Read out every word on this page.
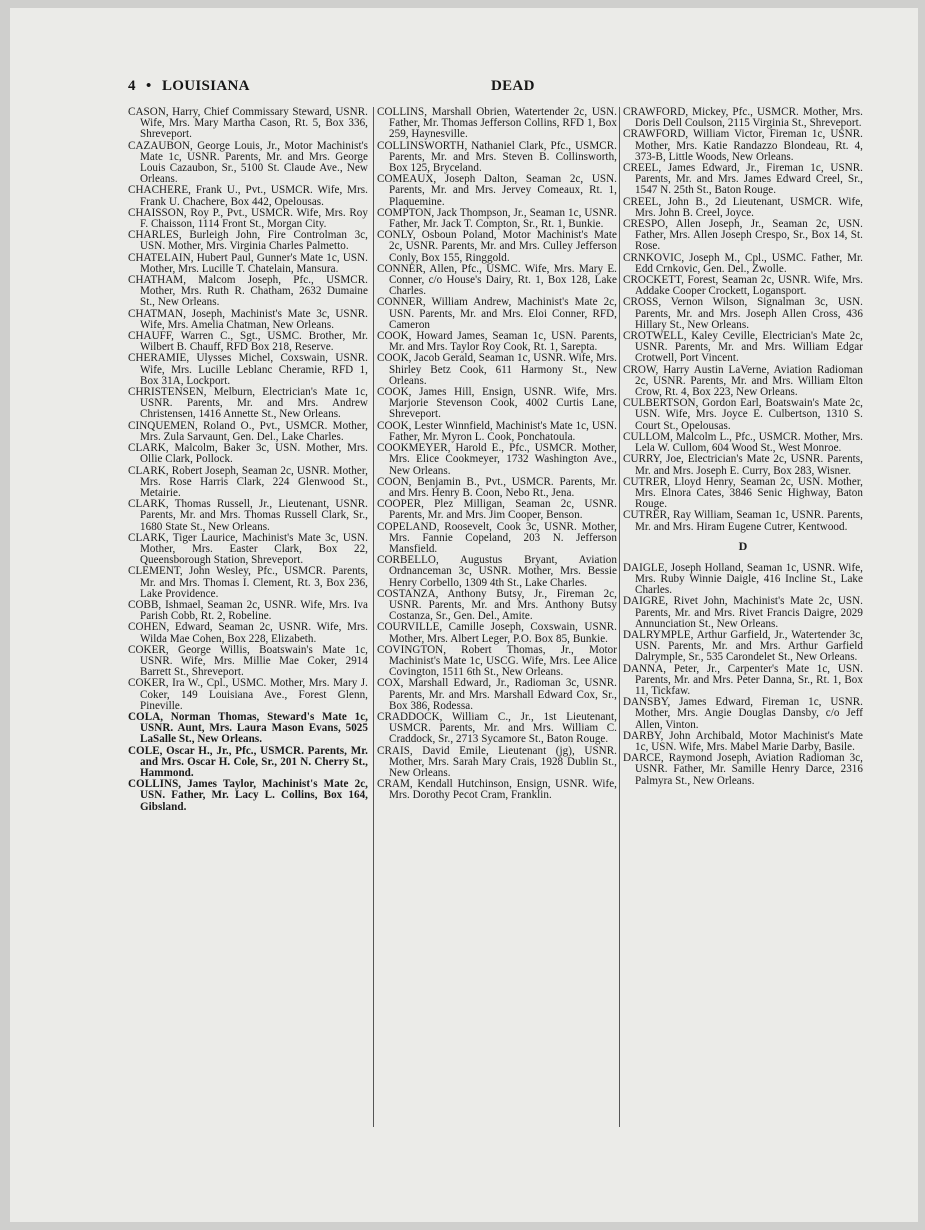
4 • LOUISIANA	DEAD

CASON, Harry, Chief Commissary Steward, USNR. Wife, Mrs. Mary Martha Cason, Rt. 5, Box 336, Shreveport.

CAZAUBON, George Louis, Jr., Motor Machinist's Mate 1c, USNR. Parents, Mr. and Mrs. George Louis Cazaubon, Sr., 5100 St. Claude Ave., New Orleans.

CHACHERE, Frank U., Pvt., USMCR. Wife, Mrs. Frank U. Chachere, Box 442, Opelousas.

CHAISSON, Roy P., Pvt., USMCR. Wife, Mrs. Roy F. Chaisson, 1114 Front St., Morgan City.

CHARLES, Burleigh John, Fire Controlman 3c, USN. Mother, Mrs. Virginia Charles Palmetto.

CHATELAIN, Hubert Paul, Gunner's Mate 1c, USN. Mother, Mrs. Lucille T. Chatelain, Mansura.

CHATHAM, Malcom Joseph, Pfc., USMCR. Mother, Mrs. Ruth R. Chatham, 2632 Dumaine St., New Orleans.

CHATMAN, Joseph, Machinist's Mate 3c, USNR. Wife, Mrs. Amelia Chatman, New Orleans.

CHAUFF, Warren C., Sgt., USMC. Brother, Mr. Wilbert B. Chauff, RFD Box 218, Reserve.

CHERAMIE, Ulysses Michel, Coxswain, USNR. Wife, Mrs. Lucille Leblanc Cheramie, RFD 1, Box 31A, Lockport.

CHRISTENSEN, Melburn, Electrician's Mate 1c, USNR. Parents, Mr. and Mrs. Andrew Christensen, 1416 Annette St., New Orleans.

CINQUEMEN, Roland O., Pvt., USMCR. Mother, Mrs. Zula Sarvaunt, Gen. Del., Lake Charles.

CLARK, Malcolm, Baker 3c, USN. Mother, Mrs. Ollie Clark, Pollock.

CLARK, Robert Joseph, Seaman 2c, USNR. Mother, Mrs. Rose Harris Clark, 224 Glenwood St., Metairie.

CLARK, Thomas Russell, Jr., Lieutenant, USNR. Parents, Mr. and Mrs. Thomas Russell Clark, Sr., 1680 State St., New Orleans.

CLARK, Tiger Laurice, Machinist's Mate 3c, USN. Mother, Mrs. Easter Clark, Box 22, Queensborough Station, Shreveport.

CLEMENT, John Wesley, Pfc., USMCR. Parents, Mr. and Mrs. Thomas I. Clement, Rt. 3, Box 236, Lake Providence.

COBB, Ishmael, Seaman 2c, USNR. Wife, Mrs. Iva Parish Cobb, Rt. 2, Robeline.

COHEN, Edward, Seaman 2c, USNR. Wife, Mrs. Wilda Mae Cohen, Box 228, Elizabeth.

COKER, George Willis, Boatswain's Mate 1c, USNR. Wife, Mrs. Millie Mae Coker, 2914 Barrett St., Shreveport.

COKER, Ira W., Cpl., USMC. Mother, Mrs. Mary J. Coker, 149 Louisiana Ave., Forest Glenn, Pineville.

COLA, Norman Thomas, Steward's Mate 1c, USNR. Aunt, Mrs. Laura Mason Evans, 5025 LaSalle St., New Orleans.

COLE, Oscar H., Jr., Pfc., USMCR. Parents, Mr. and Mrs. Oscar H. Cole, Sr., 201 N. Cherry St., Hammond.

COLLINS, James Taylor, Machinist's Mate 2c, USN. Father, Mr. Lacy L. Collins, Box 164, Gibsland.

COLLINS, Marshall Obrien, Watertender 2c, USN. Father, Mr. Thomas Jefferson Collins, RFD 1, Box 259, Haynesville.

COLLINSWORTH, Nathaniel Clark, Pfc., USMCR. Parents, Mr. and Mrs. Steven B. Collinsworth, Box 125, Bryceland.

COMEAUX, Joseph Dalton, Seaman 2c, USN. Parents, Mr. and Mrs. Jervey Comeaux, Rt. 1, Plaquemine.

COMPTON, Jack Thompson, Jr., Seaman 1c, USNR. Father, Mr. Jack T. Compton, Sr., Rt. 1, Bunkie.

CONLY, Osboun Poland, Motor Machinist's Mate 2c, USNR. Parents, Mr. and Mrs. Culley Jefferson Conly, Box 155, Ringgold.

CONNER, Allen, Pfc., USMC. Wife, Mrs. Mary E. Conner, c/o House's Dairy, Rt. 1, Box 128, Lake Charles.

CONNER, William Andrew, Machinist's Mate 2c, USN. Parents, Mr. and Mrs. Eloi Conner, RFD, Cameron

COOK, Howard James, Seaman 1c, USN. Parents, Mr. and Mrs. Taylor Roy Cook, Rt. 1, Sarepta.

COOK, Jacob Gerald, Seaman 1c, USNR. Wife, Mrs. Shirley Betz Cook, 611 Harmony St., New Orleans.

COOK, James Hill, Ensign, USNR. Wife, Mrs. Marjorie Stevenson Cook, 4002 Curtis Lane, Shreveport.

COOK, Lester Winnfield, Machinist's Mate 1c, USN. Father, Mr. Myron L. Cook, Ponchatoula.

COOKMEYER, Harold E., Pfc., USMCR. Mother, Mrs. Elice Cookmeyer, 1732 Washington Ave., New Orleans.

COON, Benjamin B., Pvt., USMCR. Parents, Mr. and Mrs. Henry B. Coon, Nebo Rt., Jena.

COOPER, Plez Milligan, Seaman 2c, USNR. Parents, Mr. and Mrs. Jim Cooper, Benson.

COPELAND, Roosevelt, Cook 3c, USNR. Mother, Mrs. Fannie Copeland, 203 N. Jefferson Mansfield.

CORBELLO, Augustus Bryant, Aviation Ordnanceman 3c, USNR. Mother, Mrs. Bessie Henry Corbello, 1309 4th St., Lake Charles.

COSTANZA, Anthony Butsy, Jr., Fireman 2c, USNR. Parents, Mr. and Mrs. Anthony Butsy Costanza, Sr., Gen. Del., Amite.

COURVILLE, Camille Joseph, Coxswain, USNR. Mother, Mrs. Albert Leger, P.O. Box 85, Bunkie.

COVINGTON, Robert Thomas, Jr., Motor Machinist's Mate 1c, USCG. Wife, Mrs. Lee Alice Covington, 1511 6th St., New Orleans.

COX, Marshall Edward, Jr., Radioman 3c, USNR. Parents, Mr. and Mrs. Marshall Edward Cox, Sr., Box 386, Rodessa.

CRADDOCK, William C., Jr., 1st Lieutenant, USMCR. Parents, Mr. and Mrs. William C. Craddock, Sr., 2713 Sycamore St., Baton Rouge.

CRAIS, David Emile, Lieutenant (jg), USNR. Mother, Mrs. Sarah Mary Crais, 1928 Dublin St., New Orleans.

CRAM, Kendall Hutchinson, Ensign, USNR. Wife, Mrs. Dorothy Pecot Cram, Franklin.

CRAWFORD, Mickey, Pfc., USMCR. Mother, Mrs. Doris Dell Coulson, 2115 Virginia St., Shreveport.

CRAWFORD, William Victor, Fireman 1c, USNR. Mother, Mrs. Katie Randazzo Blondeau, Rt. 4, 373-B, Little Woods, New Orleans.

CREEL, James Edward, Jr., Fireman 1c, USNR. Parents, Mr. and Mrs. James Edward Creel, Sr., 1547 N. 25th St., Baton Rouge.

CREEL, John B., 2d Lieutenant, USMCR. Wife, Mrs. John B. Creel, Joyce.

CRESPO, Allen Joseph, Jr., Seaman 2c, USN. Father, Mrs. Allen Joseph Crespo, Sr., Box 14, St. Rose.

CRNKOVIC, Joseph M., Cpl., USMC. Father, Mr. Edd Crnkovic, Gen. Del., Zwolle.

CROCKETT, Forest, Seaman 2c, USNR. Wife, Mrs. Addake Cooper Crockett, Logansport.

CROSS, Vernon Wilson, Signalman 3c, USN. Parents, Mr. and Mrs. Joseph Allen Cross, 436 Hillary St., New Orleans.

CROTWELL, Kaley Ceville, Electrician's Mate 2c, USNR. Parents, Mr. and Mrs. William Edgar Crotwell, Port Vincent.

CROW, Harry Austin LaVerne, Aviation Radioman 2c, USNR. Parents, Mr. and Mrs. William Elton Crow, Rt. 4, Box 223, New Orleans.

CULBERTSON, Gordon Earl, Boatswain's Mate 2c, USN. Wife, Mrs. Joyce E. Culbertson, 1310 S. Court St., Opelousas.

CULLOM, Malcolm L., Pfc., USMCR. Mother, Mrs. Lela W. Cullom, 604 Wood St., West Monroe.

CURRY, Joe, Electrician's Mate 2c, USNR. Parents, Mr. and Mrs. Joseph E. Curry, Box 283, Wisner.

CUTRER, Lloyd Henry, Seaman 2c, USN. Mother, Mrs. Elnora Cates, 3846 Senic Highway, Baton Rouge.

CUTRER, Ray William, Seaman 1c, USNR. Parents, Mr. and Mrs. Hiram Eugene Cutrer, Kentwood.

D

DAIGLE, Joseph Holland, Seaman 1c, USNR. Wife, Mrs. Ruby Winnie Daigle, 416 Incline St., Lake Charles.

DAIGRE, Rivet John, Machinist's Mate 2c, USN. Parents, Mr. and Mrs. Rivet Francis Daigre, 2029 Annunciation St., New Orleans.

DALRYMPLE, Arthur Garfield, Jr., Watertender 3c, USN. Parents, Mr. and Mrs. Arthur Garfield Dalrymple, Sr., 535 Carondelet St., New Orleans.

DANNA, Peter, Jr., Carpenter's Mate 1c, USN. Parents, Mr. and Mrs. Peter Danna, Sr., Rt. 1, Box 11, Tickfaw.

DANSBY, James Edward, Fireman 1c, USNR. Mother, Mrs. Angie Douglas Dansby, c/o Jeff Allen, Vinton.

DARBY, John Archibald, Motor Machinist's Mate 1c, USN. Wife, Mrs. Mabel Marie Darby, Basile.

DARCE, Raymond Joseph, Aviation Radioman 3c, USNR. Father, Mr. Samille Henry Darce, 2316 Palmyra St., New Orleans.
